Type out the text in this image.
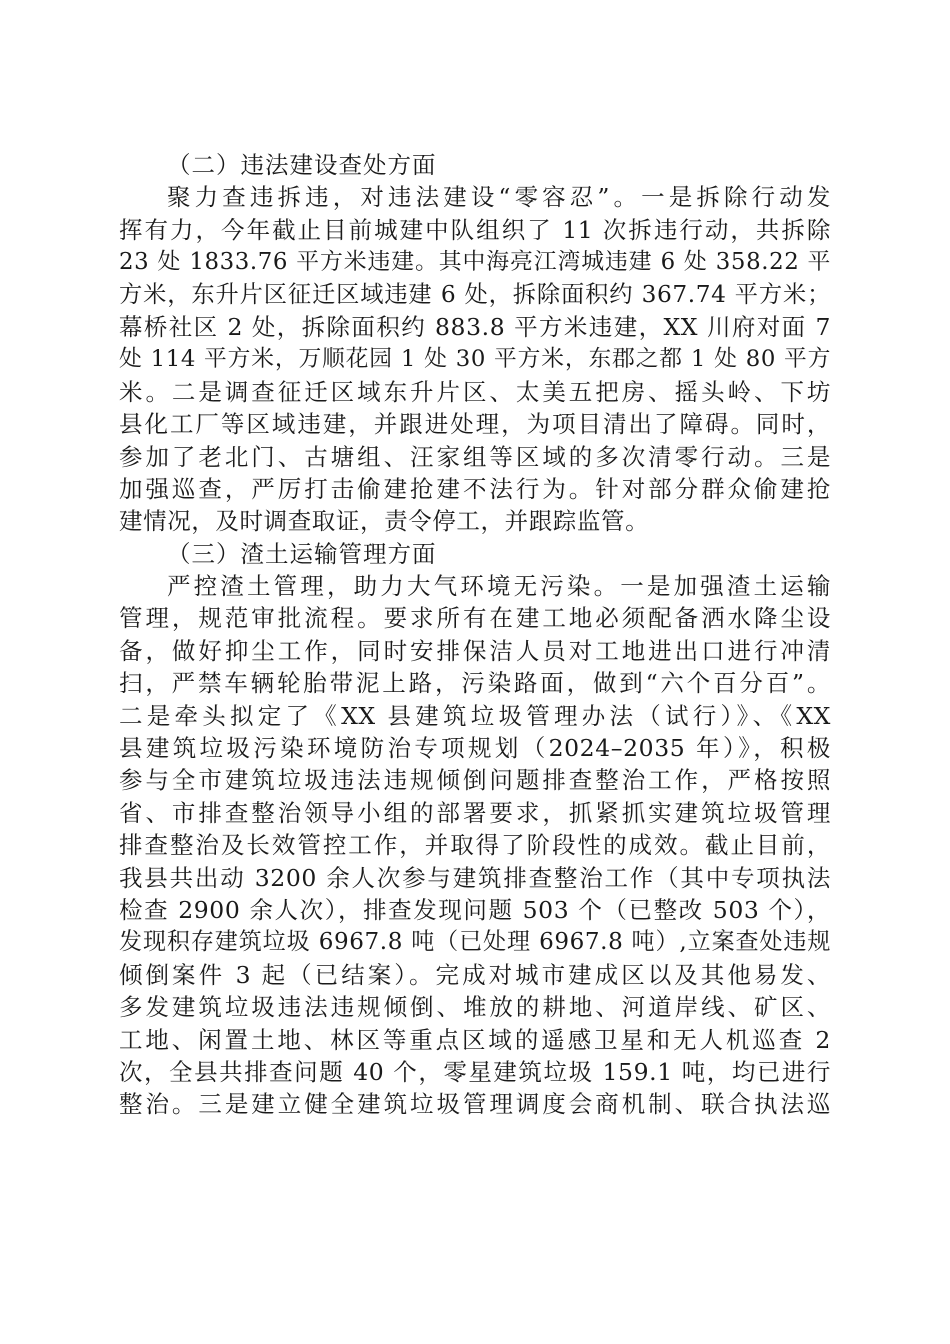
（二）违法建设查处方面
聚力查违拆违，对违法建设“零容忍”。一是拆除行动发
挥有力，今年截止目前城建中队组织了 11 次拆违行动，共拆除
23 处 1833.76 平方米违建。其中海亮江湾城违建 6 处 358.22 平
方米，东升片区征迁区域违建 6 处，拆除面积约 367.74 平方米；
幕桥社区 2 处，拆除面积约 883.8 平方米违建，XX 川府对面 7
处 114 平方米，万顺花园 1 处 30 平方米，东郡之都 1 处 80 平方
米。二是调查征迁区域东升片区、太美五把房、摇头岭、下坊
县化工厂等区域违建，并跟进处理，为项目清出了障碍。同时，
参加了老北门、古塘组、汪家组等区域的多次清零行动。三是
加强巡查，严厉打击偷建抢建不法行为。针对部分群众偷建抢
建情况，及时调查取证，责令停工，并跟踪监管。
（三）渣土运输管理方面
严控渣土管理，助力大气环境无污染。一是加强渣土运输
管理，规范审批流程。要求所有在建工地必须配备洒水降尘设
备，做好抑尘工作，同时安排保洁人员对工地进出口进行冲清
扫，严禁车辆轮胎带泥上路，污染路面，做到“六个百分百”。
二是牵头拟定了《XX 县建筑垃圾管理办法（试行）》、《XX
县建筑垃圾污染环境防治专项规划（2024–2035 年）》，积极
参与全市建筑垃圾违法违规倾倒问题排查整治工作，严格按照
省、市排查整治领导小组的部署要求，抓紧抓实建筑垃圾管理
排查整治及长效管控工作，并取得了阶段性的成效。截止目前，
我县共出动 3200 余人次参与建筑排查整治工作（其中专项执法
检查 2900 余人次），排查发现问题 503 个（已整改 503 个），
发现积存建筑垃圾 6967.8 吨（已处理 6967.8 吨）,立案查处违规
倾倒案件 3 起（已结案）。完成对城市建成区以及其他易发、
多发建筑垃圾违法违规倾倒、堆放的耕地、河道岸线、矿区、
工地、闲置土地、林区等重点区域的遥感卫星和无人机巡查 2
次，全县共排查问题 40 个，零星建筑垃圾 159.1 吨，均已进行
整治。三是建立健全建筑垃圾管理调度会商机制、联合执法巡
